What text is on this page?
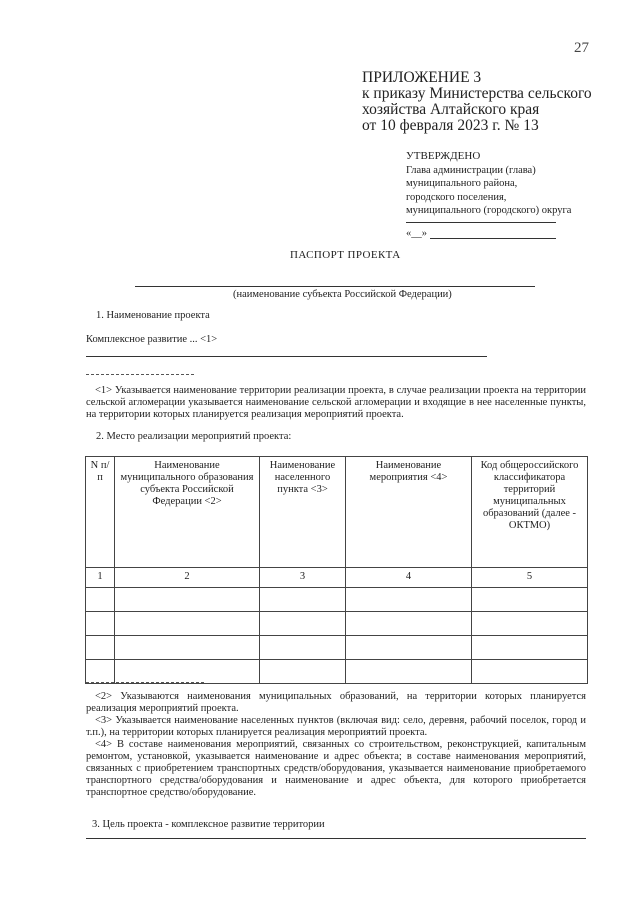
27
ПРИЛОЖЕНИЕ 3
к приказу Министерства сельского
хозяйства Алтайского края
от 10 февраля 2023 г. № 13
УТВЕРЖДЕНО
Глава администрации (глава)
муниципального района,
городского поселения,
муниципального (городского) округа
«__»
ПАСПОРТ ПРОЕКТА
(наименование субъекта Российской Федерации)
1. Наименование проекта
Комплексное развитие ... <1>
<1> Указывается наименование территории реализации проекта, в случае реализации проекта на территории сельской агломерации указывается наименование сельской агломерации и входящие в нее населенные пункты, на территории которых планируется реализация мероприятий проекта.
2. Место реализации мероприятий проекта:
N п/п	Наименование муниципального образования субъекта Российской Федерации <2>	Наименование населенного пункта <3>	Наименование мероприятия <4>	Код общероссийского классификатора территорий муниципальных образований (далее - ОКТМО)
1	2	3	4	5

<2> Указываются наименования муниципальных образований, на территории которых планируется реализация мероприятий проекта.
<3> Указывается наименование населенных пунктов (включая вид: село, деревня, рабочий поселок, город и т.п.), на территории которых планируется реализация мероприятий проекта.
<4> В составе наименования мероприятий, связанных со строительством, реконструкцией, капитальным ремонтом, установкой, указывается наименование и адрес объекта; в составе наименования мероприятий, связанных с приобретением транспортных средств/оборудования, указывается наименование приобретаемого транспортного средства/оборудования и наименование и адрес объекта, для которого приобретается транспортное средство/оборудование.
3. Цель проекта - комплексное развитие территории
